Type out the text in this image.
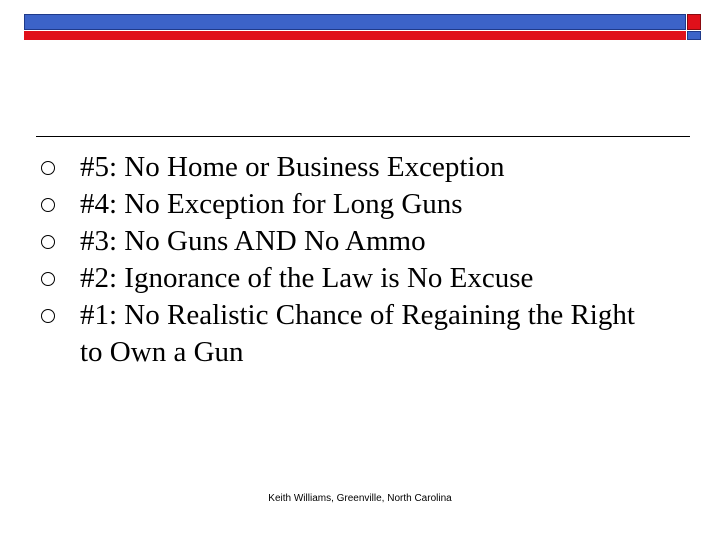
#5: No Home or Business Exception
#4: No Exception for Long Guns
#3: No Guns AND No Ammo
#2: Ignorance of the Law is No Excuse
#1: No Realistic Chance of Regaining the Right to Own a Gun
Keith Williams, Greenville, North Carolina
